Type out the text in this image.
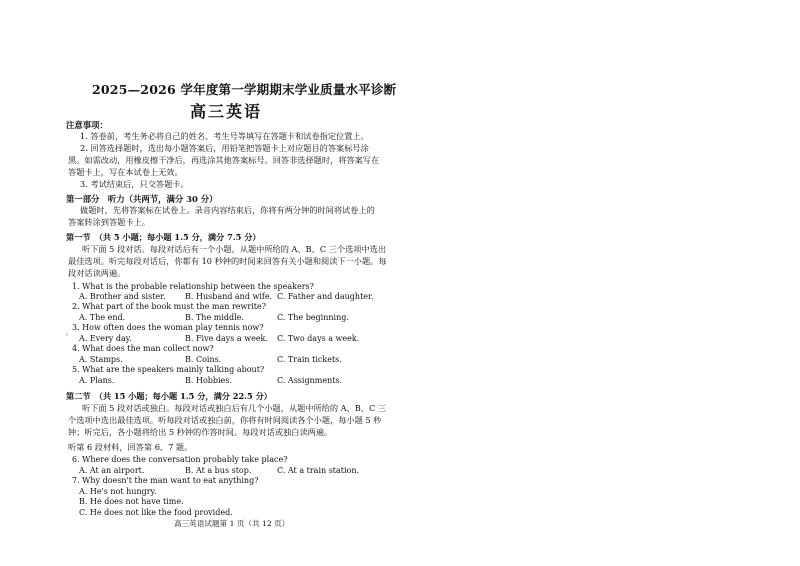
2025—2026 学年度第一学期期末学业质量水平诊断
高三英语
注意事项：
1. 答卷前，考生务必将自己的姓名、考生号等填写在答题卡和试卷指定位置上。
2. 回答选择题时，选出每小题答案后，用铅笔把答题卡上对应题目的答案标号涂
黑。如需改动，用橡皮擦干净后，再选涂其他答案标号。回答非选择题时，将答案写在
答题卡上，写在本试卷上无效。
3. 考试结束后，只交答题卡。
第一部分　听力（共两节，满分 30 分）
做题时，先将答案标在试卷上。录音内容结束后，你将有两分钟的时间将试卷上的
答案转涂到答题卡上。
第一节　（共 5 小题；每小题 1.5 分，满分 7.5 分）
听下面 5 段对话。每段对话后有一个小题，从题中所给的 A、B、C 三个选项中选出
最佳选项。听完每段对话后，你都有 10 秒钟的时间来回答有关小题和阅读下一小题。每
段对话读两遍。
1. What is the probable relationship between the speakers?
A. Brother and sister. B. Husband and wife. C. Father and daughter.
2. What part of the book must the man rewrite?
A. The end.	B. The middle.	C. The beginning.
3. How often does the woman play tennis now?
A. Every day.	B. Five days a week. C. Two days a week.
4. What does the man collect now?
A. Stamps.	B. Coins.	C. Train tickets.
5. What are the speakers mainly talking about?
A. Plans.	B. Hobbies.	C. Assignments.
第二节　（共 15 小题；每小题 1.5 分，满分 22.5 分）
听下面 5 段对话或独白。每段对话或独白后有几个小题，从题中所给的 A、B、C 三
个选项中选出最佳选项。听每段对话或独白前，你将有时间阅读各个小题，每小题 5 秒
钟；听完后，各小题将给出 5 秒钟的作答时间。每段对话或独白读两遍。
听第 6 段材料，回答第 6、7 题。
6. Where does the conversation probably take place?
A. At an airport.	B. At a bus stop.	C. At a train station.
7. Why doesn't the man want to eat anything?
A. He's not hungry.
B. He does not have time.
C. He does not like the food provided.
高三英语试题第 1 页（共 12 页）
ᶜ
